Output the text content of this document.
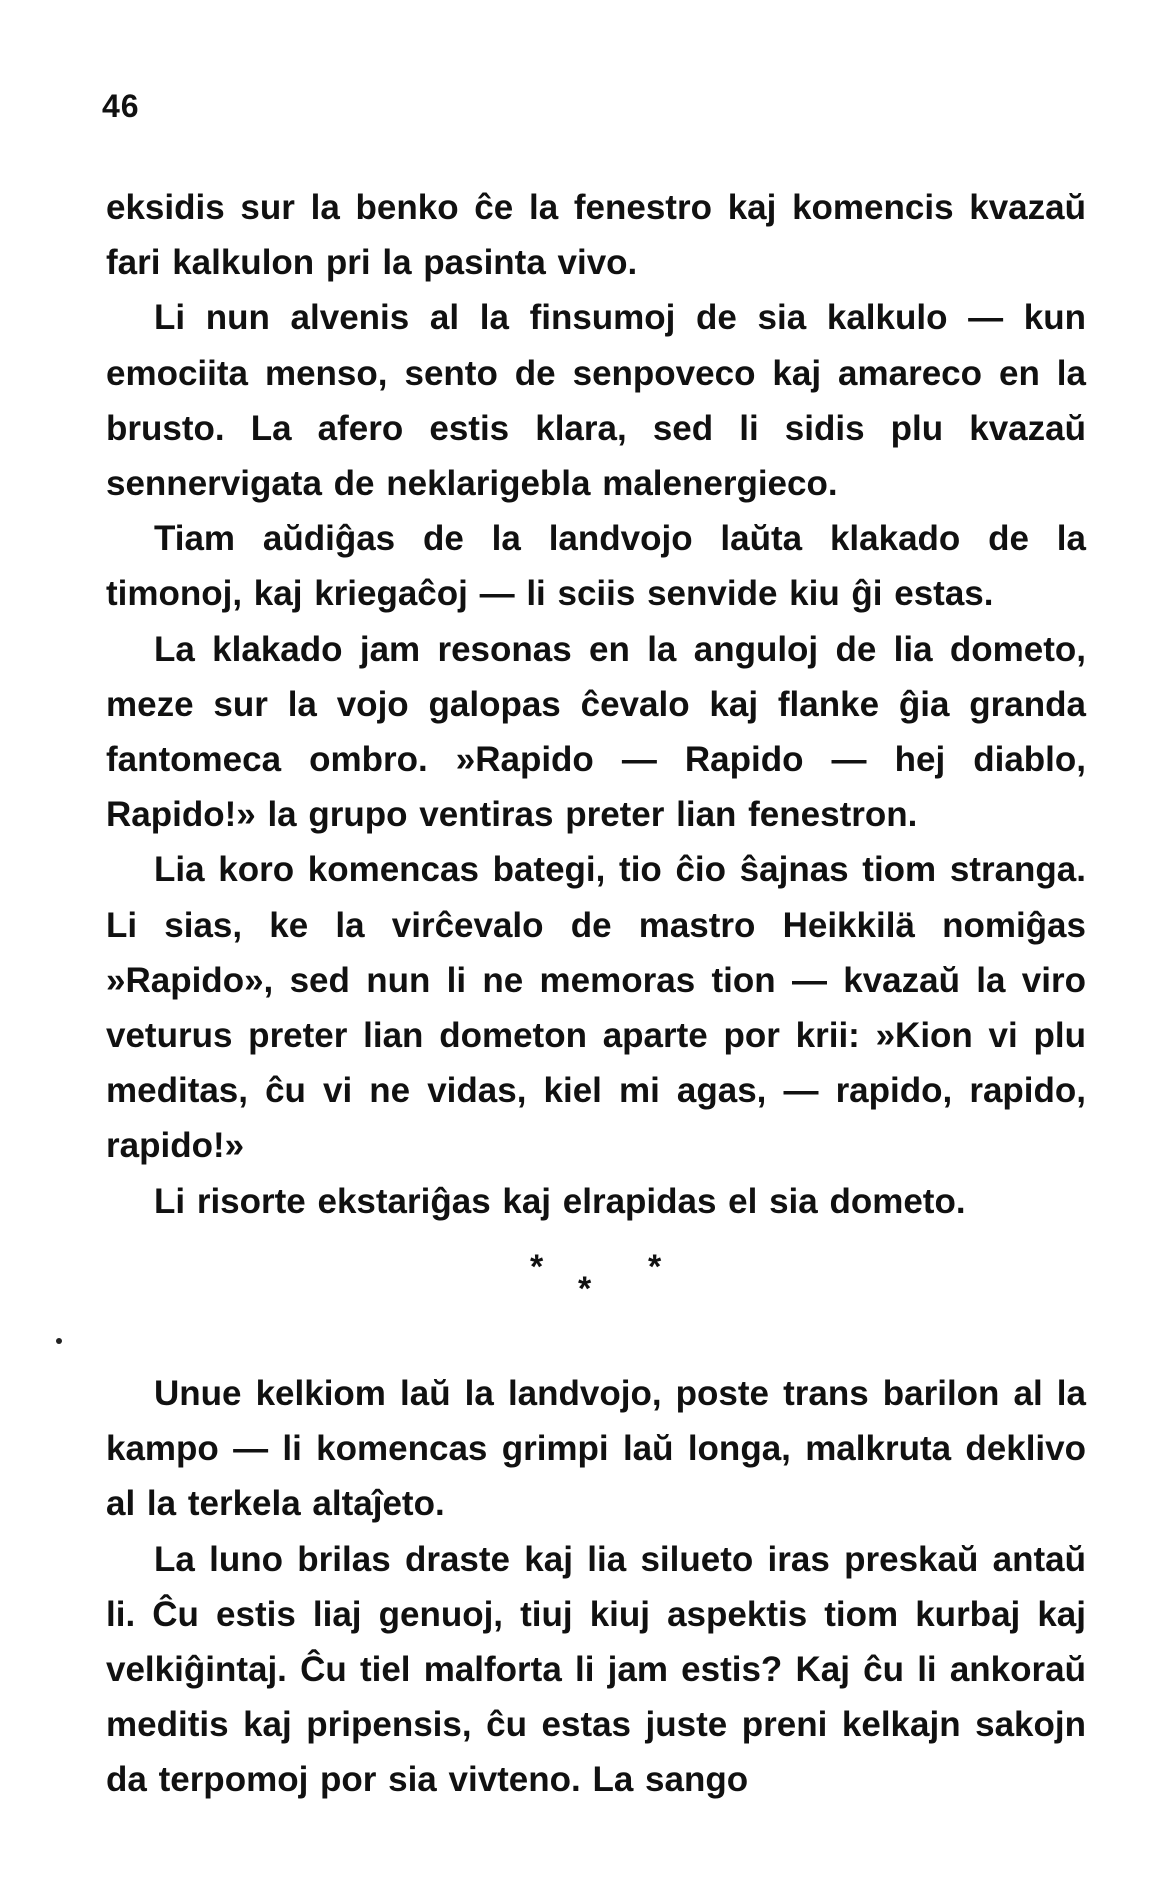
46

eksidis sur la benko ĉe la fenestro kaj komencis kvazaŭ fari kalkulon pri la pasinta vivo.

Li nun alvenis al la finsumoj de sia kalkulo — kun emociita menso, sento de senpoveco kaj amareco en la brusto. La afero estis klara, sed li sidis plu kvazaŭ sennervigata de neklarigebla malenergieco.

Tiam aŭdiĝas de la landvojo laŭta klakado de la timonoj, kaj kriegaĉoj — li sciis senvide kiu ĝi estas.

La klakado jam resonas en la anguloj de lia dometo, meze sur la vojo galopas ĉevalo kaj flanke ĝia granda fantomeca ombro. »Rapido — Rapido — hej diablo, Rapido!» la grupo ventiras preter lian fenestron.

Lia koro komencas bategi, tio ĉio ŝajnas tiom stranga. Li sias, ke la virĉevalo de mastro Heikkilä nomiĝas »Rapido», sed nun li ne memoras tion — kvazaŭ la viro veturus preter lian dometon aparte por krii: »Kion vi plu meditas, ĉu vi ne vidas, kiel mi agas, — rapido, rapido, rapido!»

Li risorte ekstariĝas kaj elrapidas el sia dometo.

*
*
*

Unue kelkiom laŭ la landvojo, poste trans barilon al la kampo — li komencas grimpi laŭ longa, malkruta deklivo al la terkela altaĵeto.

La luno brilas draste kaj lia silueto iras preskaŭ antaŭ li. Ĉu estis liaj genuoj, tiuj kiuj aspektis tiom kurbaj kaj velkiĝintaj. Ĉu tiel malforta li jam estis? Kaj ĉu li ankoraŭ meditis kaj pripensis, ĉu estas juste preni kelkajn sakojn da terpomoj por sia vivteno. La sango
